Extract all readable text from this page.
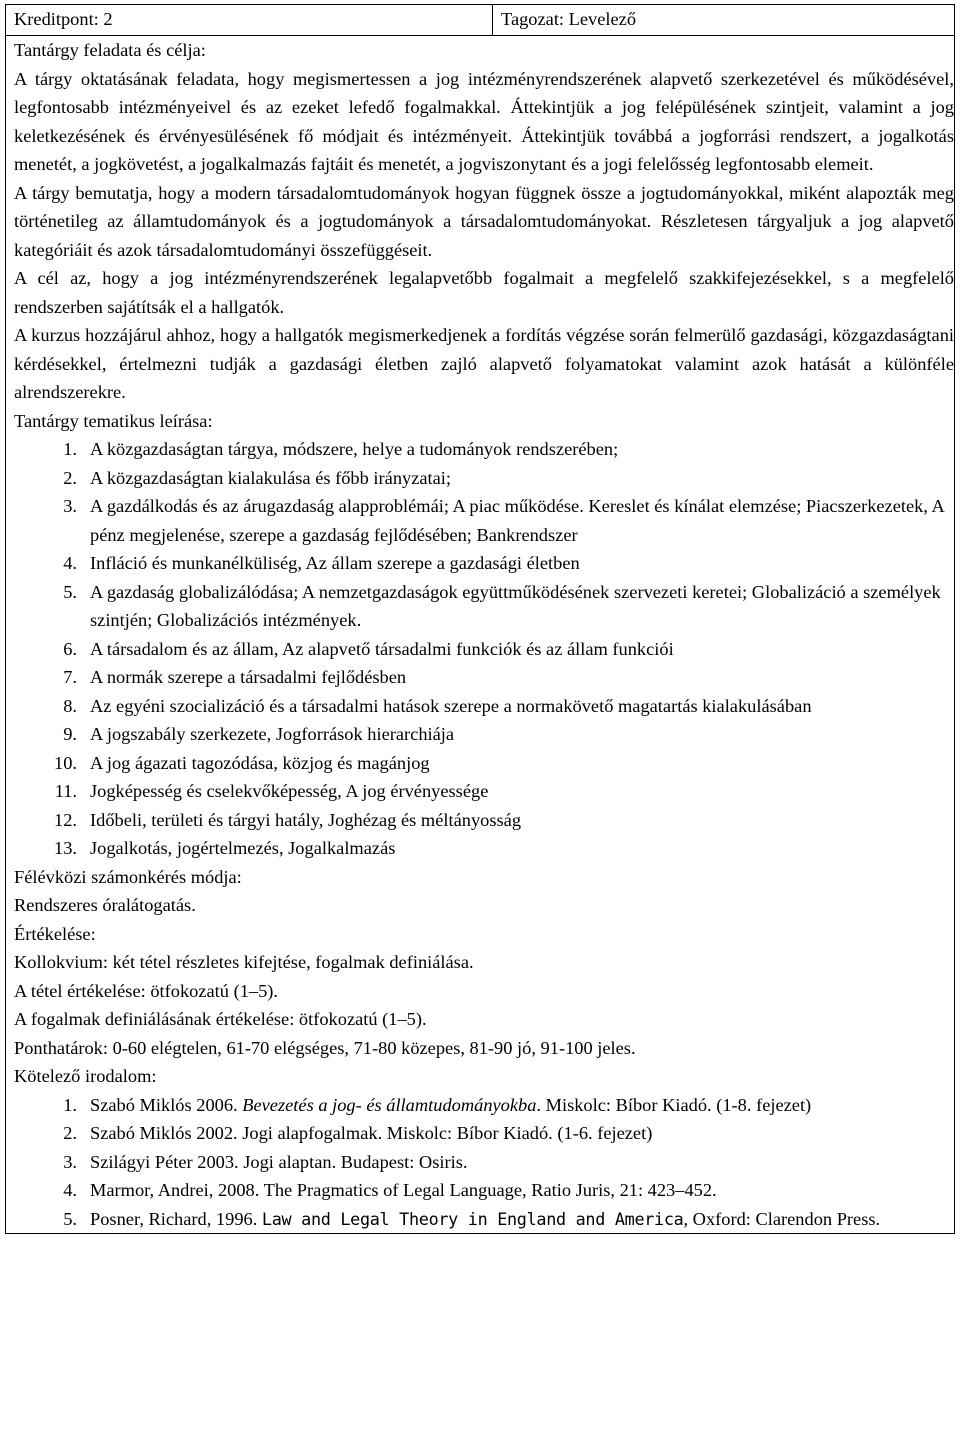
Kreditpont: 2	Tagozat: Levelező

Tantárgy feladata és célja:
A tárgy oktatásának feladata, hogy megismertessen a jog intézményrendszerének alapvető szerkezetével és működésével, legfontosabb intézményeivel és az ezeket lefedő fogalmakkal. Áttekintjük a jog felépülésének szintjeit, valamint a jog keletkezésének és érvényesülésének fő módjait és intézményeit. Áttekintjük továbbá a jogforrási rendszert, a jogalkotás menetét, a jogkövetést, a jogalkalmazás fajtáit és menetét, a jogviszonytant és a jogi felelősség legfontosabb elemeit.
A tárgy bemutatja, hogy a modern társadalomtudományok hogyan függnek össze a jogtudományokkal, miként alapozták meg történetileg az államtudományok és a jogtudományok a társadalomtudományokat. Részletesen tárgyaljuk a jog alapvető kategóriáit és azok társadalomtudományi összefüggéseit.
A cél az, hogy a jog intézményrendszerének legalapvetőbb fogalmait a megfelelő szakkifejezésekkel, s a megfelelő rendszerben sajátítsák el a hallgatók.
A kurzus hozzájárul ahhoz, hogy a hallgatók megismerkedjenek a fordítás végzése során felmerülő gazdasági, közgazdaságtani kérdésekkel, értelmezni tudják a gazdasági életben zajló alapvető folyamatokat valamint azok hatását a különféle alrendszerekre.
Tantárgy tematikus leírása:
1. A közgazdaságtan tárgya, módszere, helye a tudományok rendszerében;
2. A közgazdaságtan kialakulása és főbb irányzatai;
3. A gazdálkodás és az árugazdaság alapproblémái; A piac működése. Kereslet és kínálat elemzése; Piacszerkezetek, A pénz megjelenése, szerepe a gazdaság fejlődésében; Bankrendszer
4. Infláció és munkanélküliség, Az állam szerepe a gazdasági életben
5. A gazdaság globalizálódása; A nemzetgazdaságok együttműködésének szervezeti keretei; Globalizáció a személyek szintjén; Globalizációs intézmények.
6. A társadalom és az állam, Az alapvető társadalmi funkciók és az állam funkciói
7. A normák szerepe a társadalmi fejlődésben
8. Az egyéni szocializáció és a társadalmi hatások szerepe a normakövető magatartás kialakulásában
9. A jogszabály szerkezete, Jogforrások hierarchiája
10. A jog ágazati tagozódása, közjog és magánjog
11. Jogképesség és cselekvőképesség, A jog érvényessége
12. Időbeli, területi és tárgyi hatály, Joghézag és méltányosság
13. Jogalkotás, jogértelmezés, Jogalkalmazás
Félévközi számonkérés módja:
Rendszeres óralátogatás.
Értékelése:
Kollokvium: két tétel részletes kifejtése, fogalmak definiálása.
A tétel értékelése: ötfokozatú (1–5).
A fogalmak definiálásának értékelése: ötfokozatú (1–5).
Ponthatárok: 0-60 elégtelen, 61-70 elégséges, 71-80 közepes, 81-90 jó, 91-100 jeles.
Kötelező irodalom:
1. Szabó Miklós 2006. Bevezetés a jog- és államtudományokba. Miskolc: Bíbor Kiadó. (1-8. fejezet)
2. Szabó Miklós 2002. Jogi alapfogalmak. Miskolc: Bíbor Kiadó. (1-6. fejezet)
3. Szilágyi Péter 2003. Jogi alaptan. Budapest: Osiris.
4. Marmor, Andrei, 2008. The Pragmatics of Legal Language, Ratio Juris, 21: 423–452.
5. Posner, Richard, 1996. Law and Legal Theory in England and America, Oxford: Clarendon Press.
